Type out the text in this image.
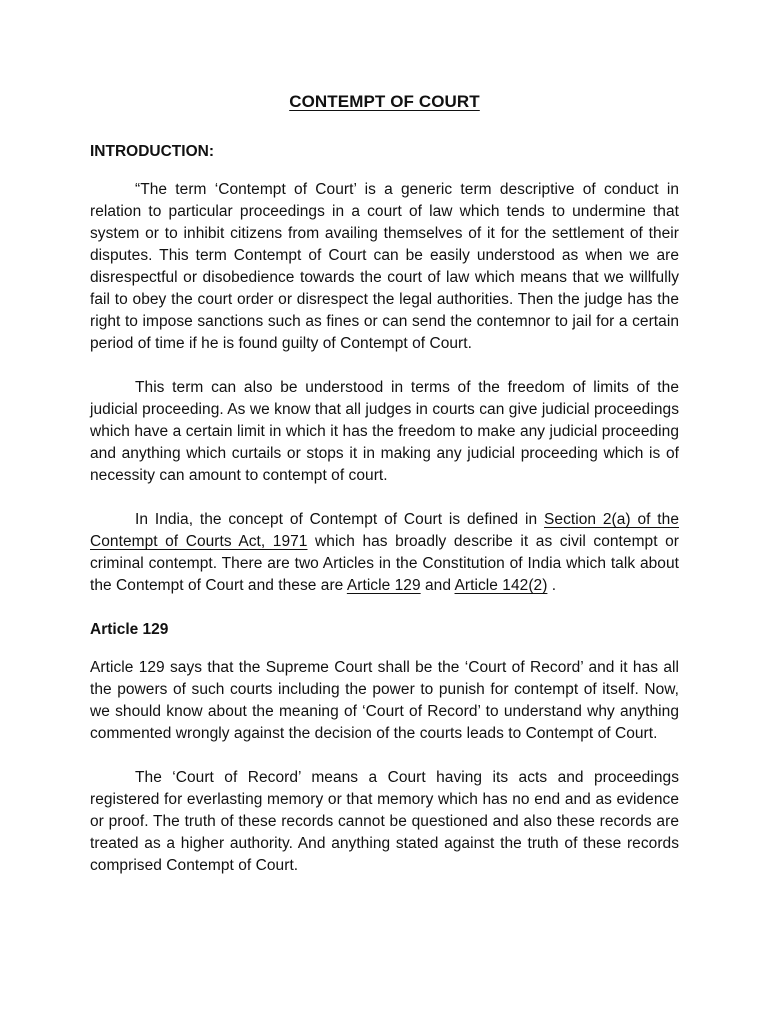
CONTEMPT OF COURT
INTRODUCTION:

“The term ‘Contempt of Court’ is a generic term descriptive of conduct in relation to particular proceedings in a court of law which tends to undermine that system or to inhibit citizens from availing themselves of it for the settlement of their disputes. This term Contempt of Court can be easily understood as when we are disrespectful or disobedience towards the court of law which means that we willfully fail to obey the court order or disrespect the legal authorities. Then the judge has the right to impose sanctions such as fines or can send the contemnor to jail for a certain period of time if he is found guilty of Contempt of Court.

This term can also be understood in terms of the freedom of limits of the judicial proceeding. As we know that all judges in courts can give judicial proceedings which have a certain limit in which it has the freedom to make any judicial proceeding and anything which curtails or stops it in making any judicial proceeding which is of necessity can amount to contempt of court.

In India, the concept of Contempt of Court is defined in Section 2(a) of the Contempt of Courts Act, 1971 which has broadly describe it as civil contempt or criminal contempt. There are two Articles in the Constitution of India which talk about the Contempt of Court and these are Article 129 and Article 142(2) .

Article 129

Article 129 says that the Supreme Court shall be the ‘Court of Record’ and it has all the powers of such courts including the power to punish for contempt of itself. Now, we should know about the meaning of ‘Court of Record’ to understand why anything commented wrongly against the decision of the courts leads to Contempt of Court.

The ‘Court of Record’ means a Court having its acts and proceedings registered for everlasting memory or that memory which has no end and as evidence or proof. The truth of these records cannot be questioned and also these records are treated as a higher authority. And anything stated against the truth of these records comprised Contempt of Court.
